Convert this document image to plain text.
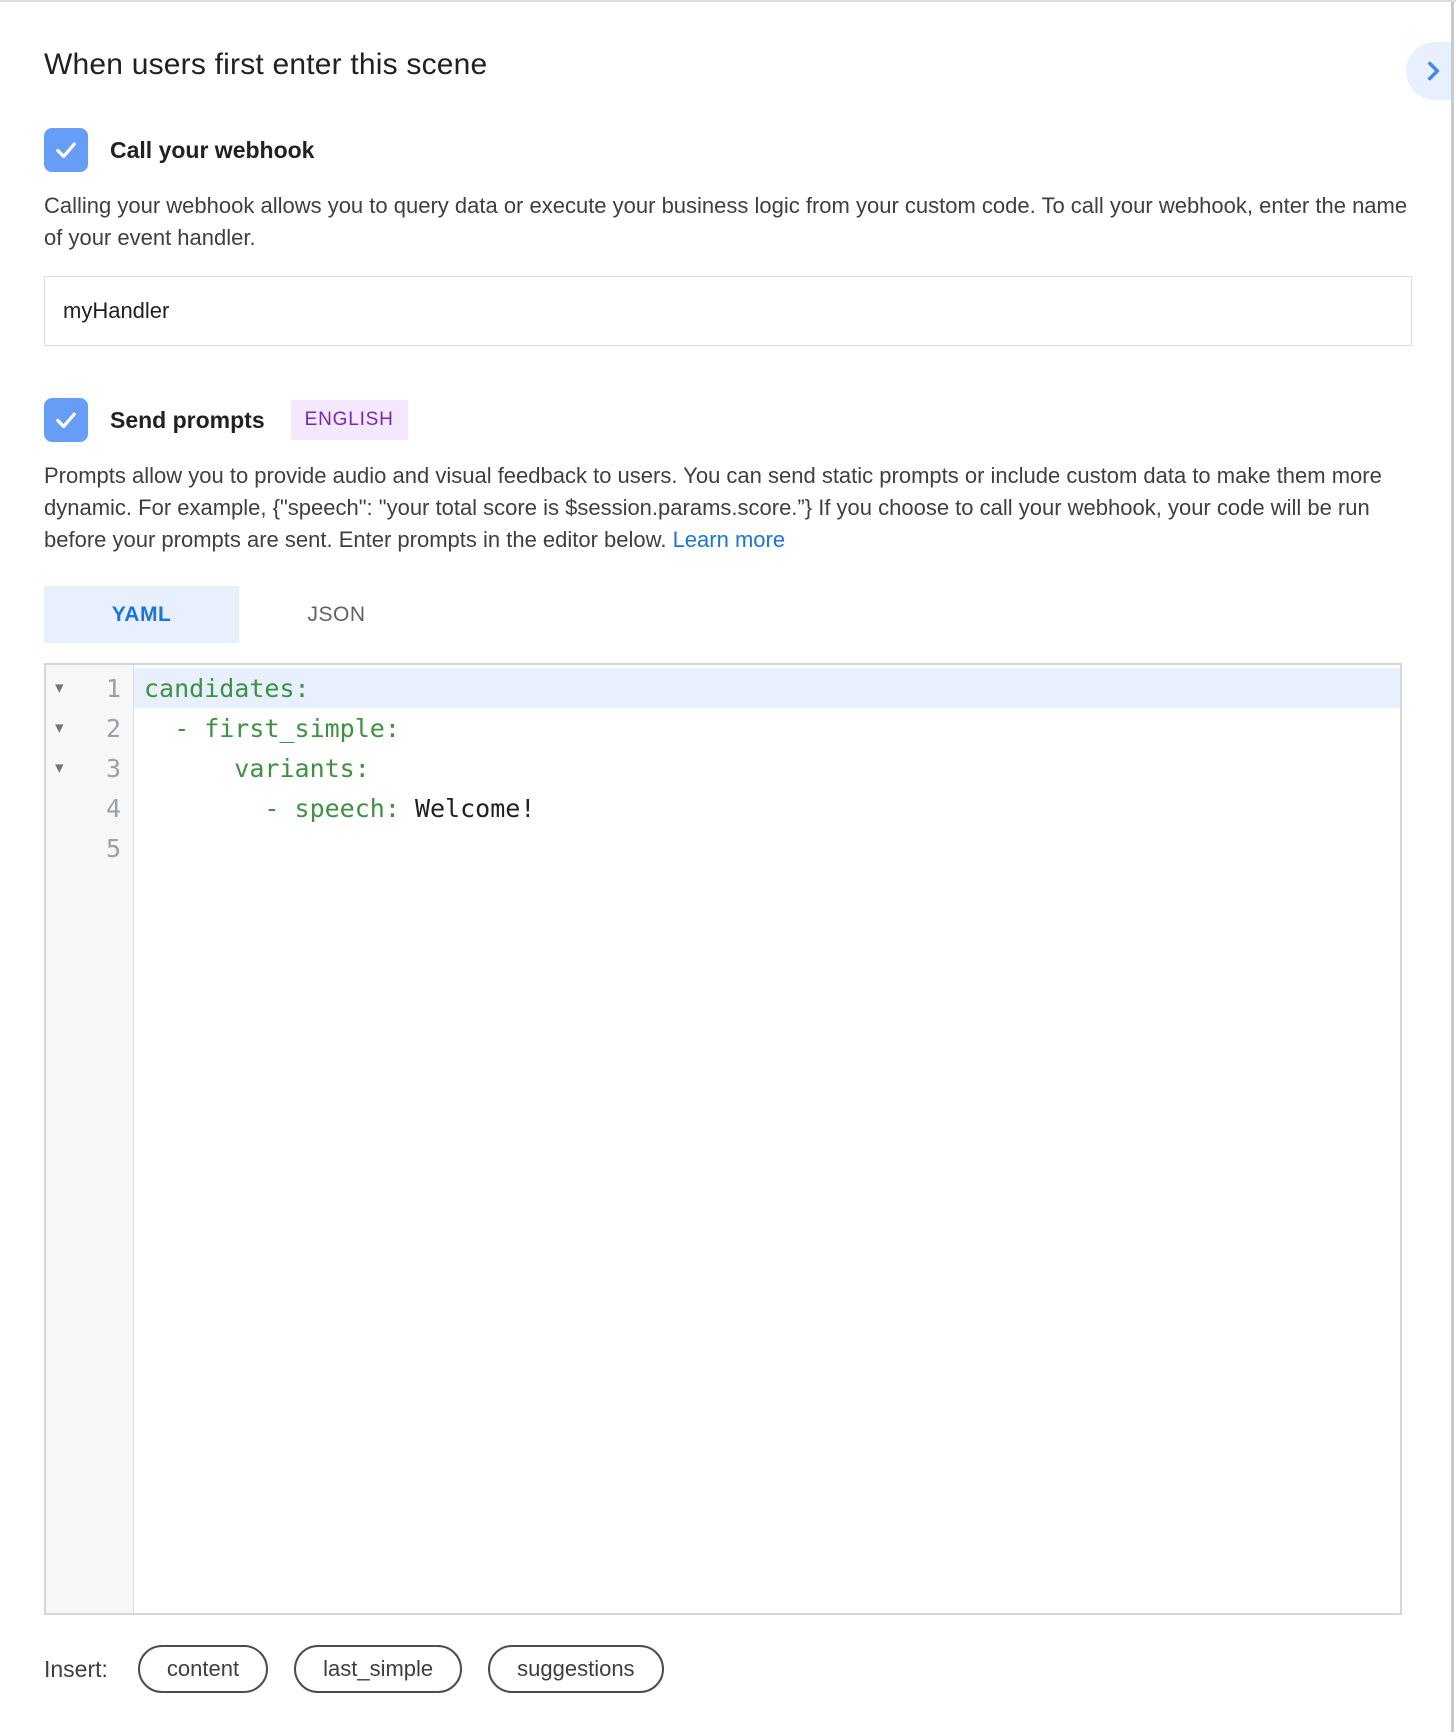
When users first enter this scene
Call your webhook

Calling your webhook allows you to query data or execute your business logic from your custom code. To call your webhook, enter the name of your event handler.

myHandler
Send prompts	ENGLISH

Prompts allow you to provide audio and visual feedback to users. You can send static prompts or include custom data to make them more dynamic. For example, {"speech": "your total score is $session.params.score.”} If you choose to call your webhook, your code will be run before your prompts are sent. Enter prompts in the editor below. Learn more

YAML	JSON
▾	1
▾	2
▾	3
4
5
candidates:
- first_simple:
variants:
- speech: Welcome!
Insert:	content	last_simple	suggestions
